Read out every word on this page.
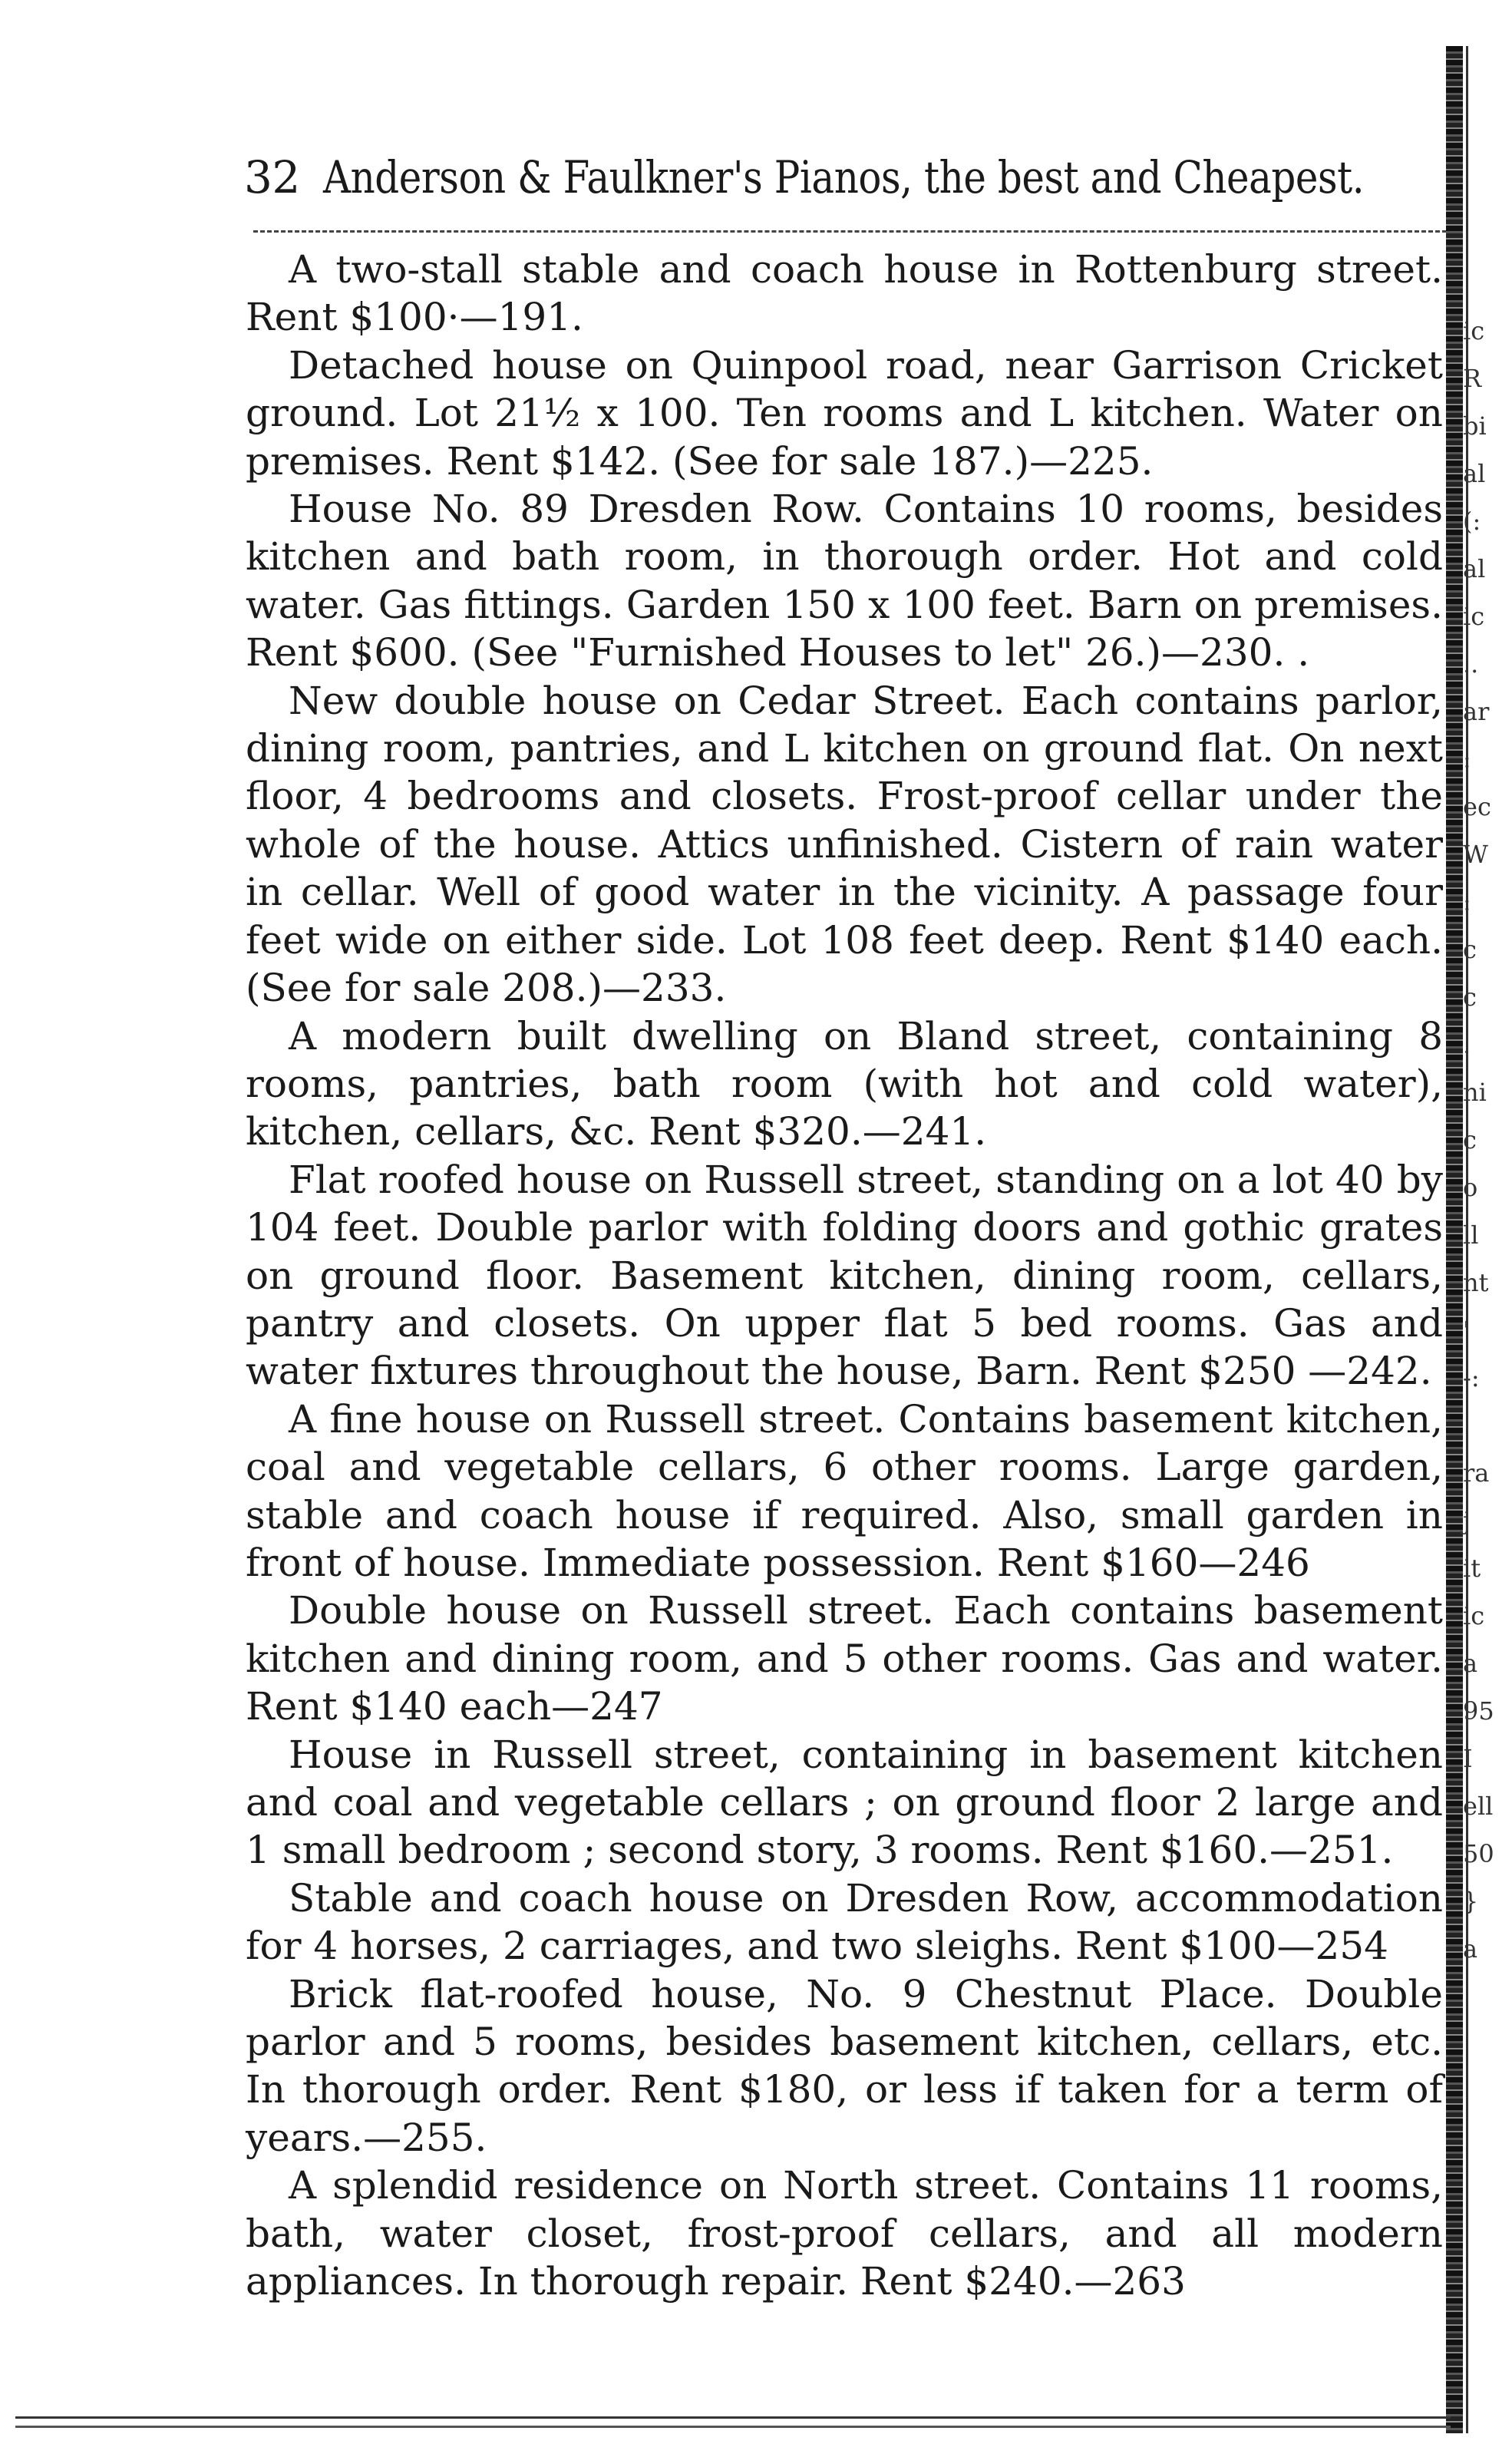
32 Anderson & Faulkner's Pianos, the best and Cheapest.

A two-stall stable and coach house in Rottenburg street. Rent $100·—191.

Detached house on Quinpool road, near Garrison Cricket ground. Lot 21½ x 100. Ten rooms and L kitchen. Water on premises. Rent $142. (See for sale 187.)—225.

House No. 89 Dresden Row. Contains 10 rooms, besides kitchen and bath room, in thorough order. Hot and cold water. Gas fittings. Garden 150 x 100 feet. Barn on premises. Rent $600. (See "Furnished Houses to let" 26.)—230. .

New double house on Cedar Street. Each contains parlor, dining room, pantries, and L kitchen on ground flat. On next floor, 4 bedrooms and closets. Frost-proof cellar under the whole of the house. Attics unfinished. Cistern of rain water in cellar. Well of good water in the vicinity. A passage four feet wide on either side. Lot 108 feet deep. Rent $140 each. (See for sale 208.)—233.

A modern built dwelling on Bland street, containing 8 rooms, pantries, bath room (with hot and cold water), kitchen, cellars, &c. Rent $320.—241.

Flat roofed house on Russell street, standing on a lot 40 by 104 feet. Double parlor with folding doors and gothic grates on ground floor. Basement kitchen, dining room, cellars, pantry and closets. On upper flat 5 bed rooms. Gas and water fixtures throughout the house, Barn. Rent $250 —242.

A fine house on Russell street. Contains basement kitchen, coal and vegetable cellars, 6 other rooms. Large garden, stable and coach house if required. Also, small garden in front of house. Immediate possession. Rent $160—246

Double house on Russell street. Each contains basement kitchen and dining room, and 5 other rooms. Gas and water. Rent $140 each—247

House in Russell street, containing in basement kitchen and coal and vegetable cellars ; on ground floor 2 large and 1 small bedroom ; second story, 3 rooms. Rent $160.—251.

Stable and coach house on Dresden Row, accommodation for 4 horses, 2 carriages, and two sleighs. Rent $100—254

Brick flat-roofed house, No. 9 Chestnut Place. Double parlor and 5 rooms, besides basement kitchen, cellars, etc. In thorough order. Rent $180, or less if taken for a term of years.—255.

A splendid residence on North street. Contains 11 rooms, bath, water closet, frost-proof cellars, and all modern appliances. In thorough repair. Rent $240.—263

ic
R
bi
al
(:
al
ic
..
ar
:
ec
W
:
c
c
.
ni
c
o
ll
nt
'
-:

ra
j
it
ic
a
95
I
ell
50
}
a
